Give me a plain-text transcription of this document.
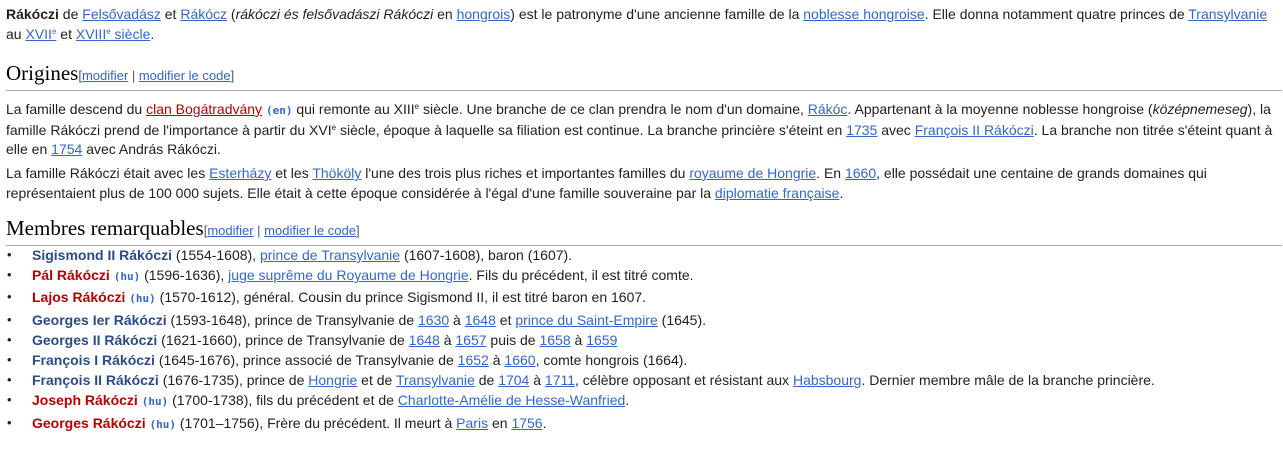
Rákóczi de Felsővadász et Rákócz (rákóczi és felsővadászi Rákóczi en hongrois) est le patronyme d'une ancienne famille de la noblesse hongroise. Elle donna notamment quatre princes de Transylvanie au XVIIe et XVIIIe siècle.
Origines[modifier | modifier le code]
La famille descend du clan Bogátradvány (en) qui remonte au XIIIe siècle. Une branche de ce clan prendra le nom d'un domaine, Rákóc. Appartenant à la moyenne noblesse hongroise (középnemeseg), la famille Rákóczi prend de l'importance à partir du XVIe siècle, époque à laquelle sa filiation est continue. La branche princière s'éteint en 1735 avec François II Rákóczi. La branche non titrée s'éteint quant à elle en 1754 avec András Rákóczi.
La famille Rákóczi était avec les Esterházy et les Thököly l'une des trois plus riches et importantes familles du royaume de Hongrie. En 1660, elle possédait une centaine de grands domaines qui représentaient plus de 100 000 sujets. Elle était à cette époque considérée à l'égal d'une famille souveraine par la diplomatie française.
Membres remarquables[modifier | modifier le code]
• Sigismond II Rákóczi (1554-1608), prince de Transylvanie (1607-1608), baron (1607).
• Pál Rákóczi (hu) (1596-1636), juge suprême du Royaume de Hongrie. Fils du précédent, il est titré comte.
• Lajos Rákóczi (hu) (1570-1612), général. Cousin du prince Sigismond II, il est titré baron en 1607.
• Georges Ier Rákóczi (1593-1648), prince de Transylvanie de 1630 à 1648 et prince du Saint-Empire (1645).
• Georges II Rákóczi (1621-1660), prince de Transylvanie de 1648 à 1657 puis de 1658 à 1659
• François I Rákóczi (1645-1676), prince associé de Transylvanie de 1652 à 1660, comte hongrois (1664).
• François II Rákóczi (1676-1735), prince de Hongrie et de Transylvanie de 1704 à 1711, célèbre opposant et résistant aux Habsbourg. Dernier membre mâle de la branche princière.
• Joseph Rákóczi (hu) (1700-1738), fils du précédent et de Charlotte-Amélie de Hesse-Wanfried.
• Georges Rákóczi (hu) (1701–1756), Frère du précédent. Il meurt à Paris en 1756.
